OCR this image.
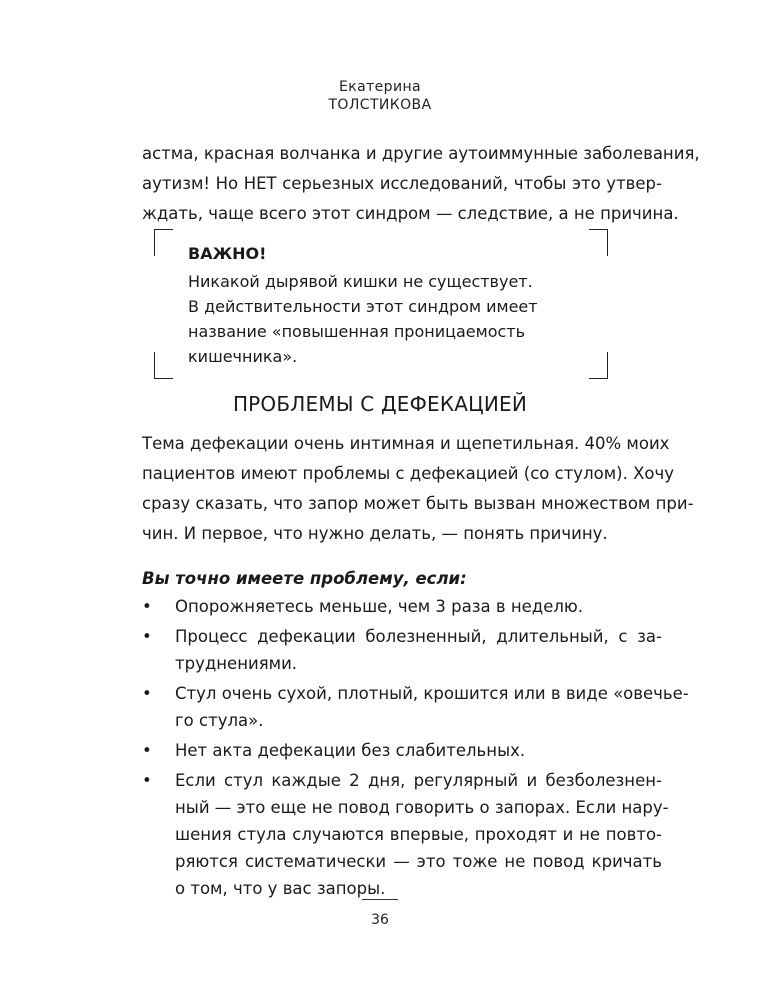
Екатерина
ТОЛСТИКОВА
астма, красная волчанка и другие аутоиммунные заболевания,
аутизм! Но НЕТ серьезных исследований, чтобы это утвер-
ждать, чаще всего этот синдром — следствие, а не причина.
ВАЖНО!
Никакой дырявой кишки не существует.
В действительности этот синдром имеет
название «повышенная проницаемость
кишечника».
ПРОБЛЕМЫ С ДЕФЕКАЦИЕЙ
Тема дефекации очень интимная и щепетильная. 40% моих
пациентов имеют проблемы с дефекацией (со стулом). Хочу
сразу сказать, что запор может быть вызван множеством при-
чин. И первое, что нужно делать, — понять причину.
Вы точно имеете проблему, если:
• Опорожняетесь меньше, чем 3 раза в неделю.
• Процесс дефекации болезненный, длительный, с за-
труднениями.
• Стул очень сухой, плотный, крошится или в виде «овечье-
го стула».
• Нет акта дефекации без слабительных.
• Если стул каждые 2 дня, регулярный и безболезнен-
ный — это еще не повод говорить о запорах. Если нару-
шения стула случаются впервые, проходят и не повто-
ряются систематически — это тоже не повод кричать
о том, что у вас запоры.
36
